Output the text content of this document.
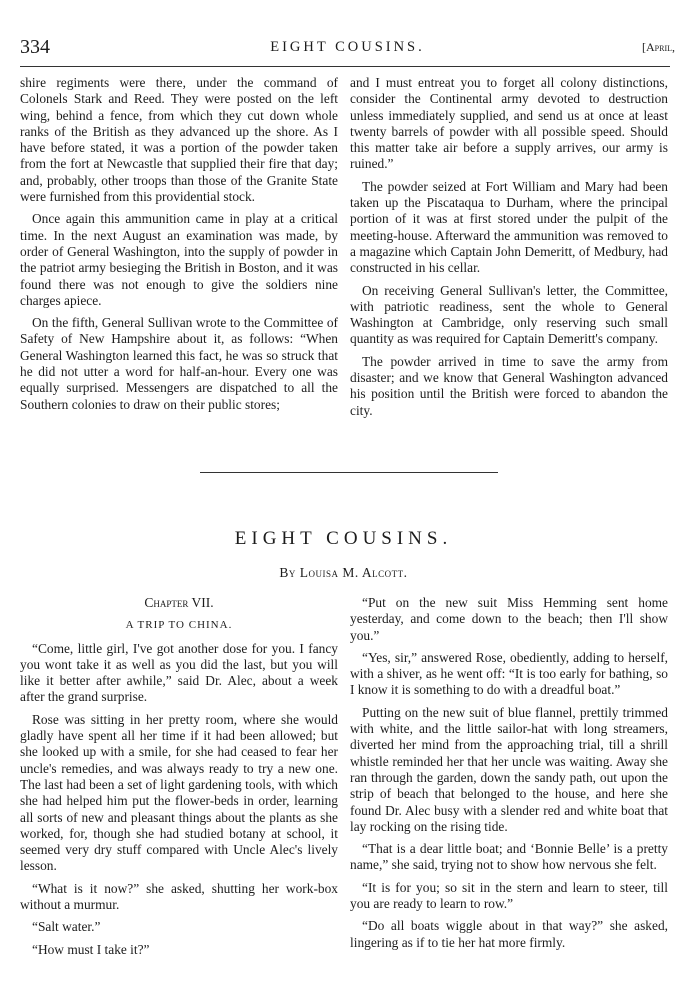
334	EIGHT COUSINS.	[April,

shire regiments were there, under the command of Colonels Stark and Reed. They were posted on the left wing, behind a fence, from which they cut down whole ranks of the British as they advanced up the shore. As I have before stated, it was a portion of the powder taken from the fort at Newcastle that supplied their fire that day; and, probably, other troops than those of the Granite State were furnished from this providential stock.

Once again this ammunition came in play at a critical time. In the next August an examination was made, by order of General Washington, into the supply of powder in the patriot army besieging the British in Boston, and it was found there was not enough to give the soldiers nine charges apiece.

On the fifth, General Sullivan wrote to the Committee of Safety of New Hampshire about it, as follows: “When General Washington learned this fact, he was so struck that he did not utter a word for half-an-hour. Every one was equally surprised. Messengers are dispatched to all the Southern colonies to draw on their public stores;

and I must entreat you to forget all colony distinctions, consider the Continental army devoted to destruction unless immediately supplied, and send us at once at least twenty barrels of powder with all possible speed. Should this matter take air before a supply arrives, our army is ruined.”

The powder seized at Fort William and Mary had been taken up the Piscataqua to Durham, where the principal portion of it was at first stored under the pulpit of the meeting-house. Afterward the ammunition was removed to a magazine which Captain John Demeritt, of Medbury, had constructed in his cellar.

On receiving General Sullivan's letter, the Committee, with patriotic readiness, sent the whole to General Washington at Cambridge, only reserving such small quantity as was required for Captain Demeritt's company.

The powder arrived in time to save the army from disaster; and we know that General Washington advanced his position until the British were forced to abandon the city.

EIGHT COUSINS.
By Louisa M. Alcott.
Chapter VII.
A TRIP TO CHINA.

“Come, little girl, I've got another dose for you. I fancy you wont take it as well as you did the last, but you will like it better after awhile,” said Dr. Alec, about a week after the grand surprise.

Rose was sitting in her pretty room, where she would gladly have spent all her time if it had been allowed; but she looked up with a smile, for she had ceased to fear her uncle's remedies, and was always ready to try a new one. The last had been a set of light gardening tools, with which she had helped him put the flower-beds in order, learning all sorts of new and pleasant things about the plants as she worked, for, though she had studied botany at school, it seemed very dry stuff compared with Uncle Alec's lively lesson.

“What is it now?” she asked, shutting her work-box without a murmur.

“Salt water.”

“How must I take it?”

“Put on the new suit Miss Hemming sent home yesterday, and come down to the beach; then I'll show you.”

“Yes, sir,” answered Rose, obediently, adding to herself, with a shiver, as he went off: “It is too early for bathing, so I know it is something to do with a dreadful boat.”

Putting on the new suit of blue flannel, prettily trimmed with white, and the little sailor-hat with long streamers, diverted her mind from the approaching trial, till a shrill whistle reminded her that her uncle was waiting. Away she ran through the garden, down the sandy path, out upon the strip of beach that belonged to the house, and here she found Dr. Alec busy with a slender red and white boat that lay rocking on the rising tide.

“That is a dear little boat; and ‘Bonnie Belle’ is a pretty name,” she said, trying not to show how nervous she felt.

“It is for you; so sit in the stern and learn to steer, till you are ready to learn to row.”

“Do all boats wiggle about in that way?” she asked, lingering as if to tie her hat more firmly.
